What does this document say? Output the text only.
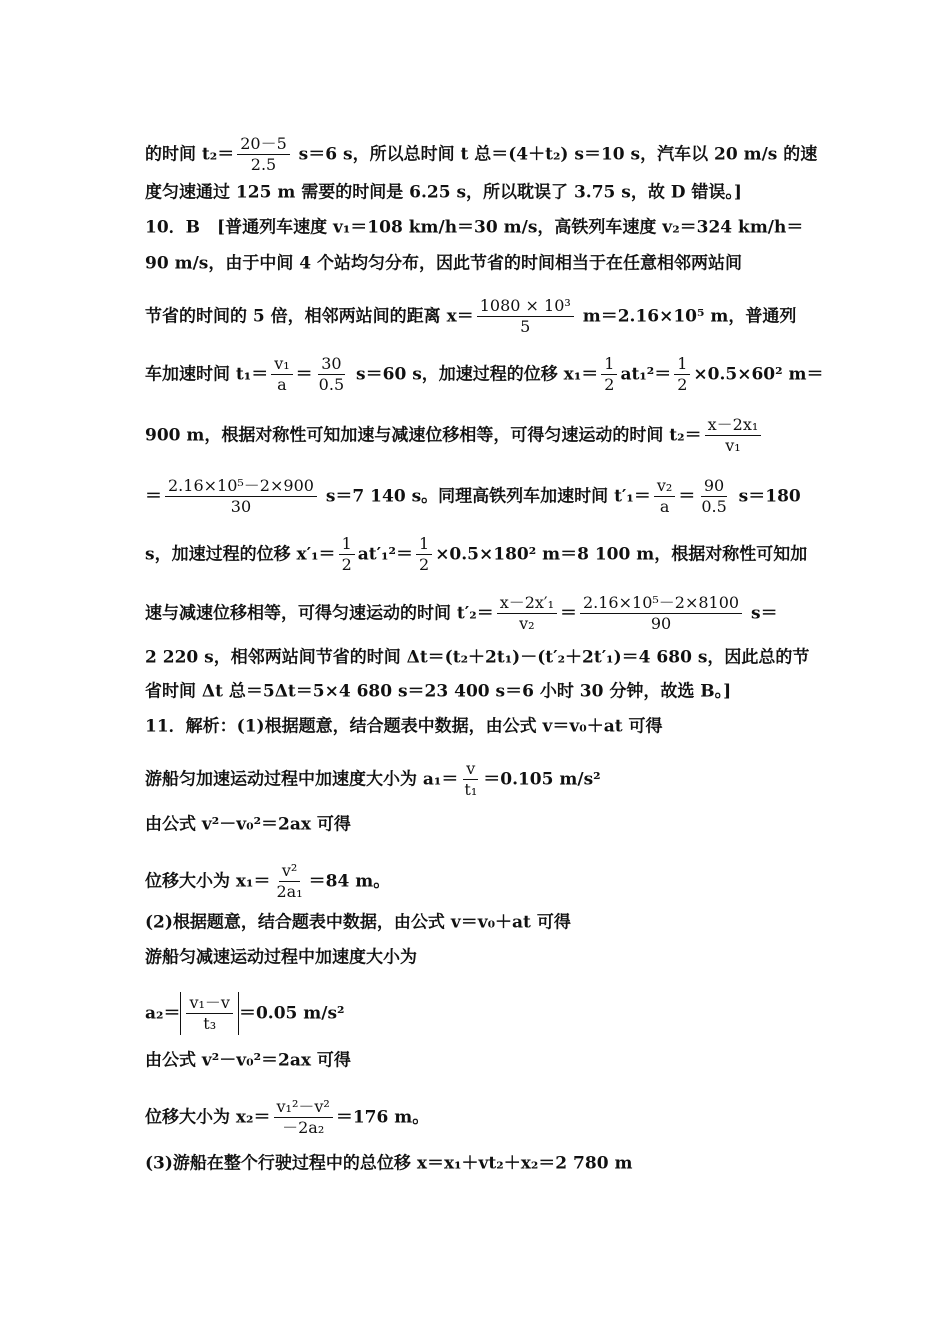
的时间 $t_2= \frac{20-5}{2.5} s=6$ s，所以总时间 t 总＝(4＋t₂) s＝10 s，汽车以 20 m/s 的速
度匀速通过 125 m 需要的时间是 6.25 s，所以耽误了 3.75 s，故 D 错误。]
10．B　[普通列车速度 v₁＝108 km/h＝30 m/s，高铁列车速度 v₂＝324 km/h＝
90 m/s，由于中间 4 个站均匀分布，因此节省的时间相当于在任意相邻两站间
节省的时间的 5 倍，相邻两站间的距离 $x= \frac{\text{1080 × 10³}}{5} m=2.16\times 10^5$ m，普通列
车加速时间 $t_1= \frac{\text{v₁}}{a} = \frac{30}{0.5} s=60$ s，加速过程的位移 $x_1= \frac{1}{2} at_1^2= \frac{1}{2} \times 0.5\times 60^2$ m＝
900 m，根据对称性可知加速与减速位移相等，可得匀速运动的时间 $t_2= \frac{\text{x－2x₁}}{\text{v₁}}$
＝ $\frac{\text{2.16×10⁵－2×900}}{30} s=7$ 140 s。同理高铁列车加速时间 $t'_1= \frac{\text{v₂}}{a} = \frac{90}{0.5} s=180$
s，加速过程的位移 $x'_1= \frac{1}{2} at'_1^2= \frac{1}{2} \times 0.5\times 180^2$ m＝8 100 m，根据对称性可知加
速与减速位移相等，可得匀速运动的时间 $t'_2= \frac{\text{x－2x′₁}}{\text{v₂}} = \frac{\text{2.16×10⁵－2×8100}}{90} s=$
2 220 s，相邻两站间节省的时间 Δt＝(t₂＋2t₁)－(t′₂＋2t′₁)＝4 680 s，因此总的节
省时间 Δt 总＝5Δt＝5×4 680 s＝23 400 s＝6 小时 30 分钟，故选 B。]
11．解析：(1)根据题意，结合题表中数据，由公式 v＝v₀＋at 可得
游船匀加速运动过程中加速度大小为 $a_1= \frac{v}{\text{t₁}} =0.105$ m/s²
由公式 v²－v₀²＝2ax 可得
位移大小为 $x_1= \frac{\text{v²}}{\text{2a₁}} =84$ m。
(2)根据题意，结合题表中数据，由公式 v＝v₀＋at 可得
游船匀减速运动过程中加速度大小为
$a_2= \frac{\text{v₁－v}}{\text{t₃}} =0.05$ m/s²
由公式 v²－v₀²＝2ax 可得
位移大小为 $x_2= \frac{\text{v₁²－v²}}{\text{－2a₂}} =176$ m。
(3)游船在整个行驶过程中的总位移 x＝x₁＋vt₂＋x₂＝2 780 m
